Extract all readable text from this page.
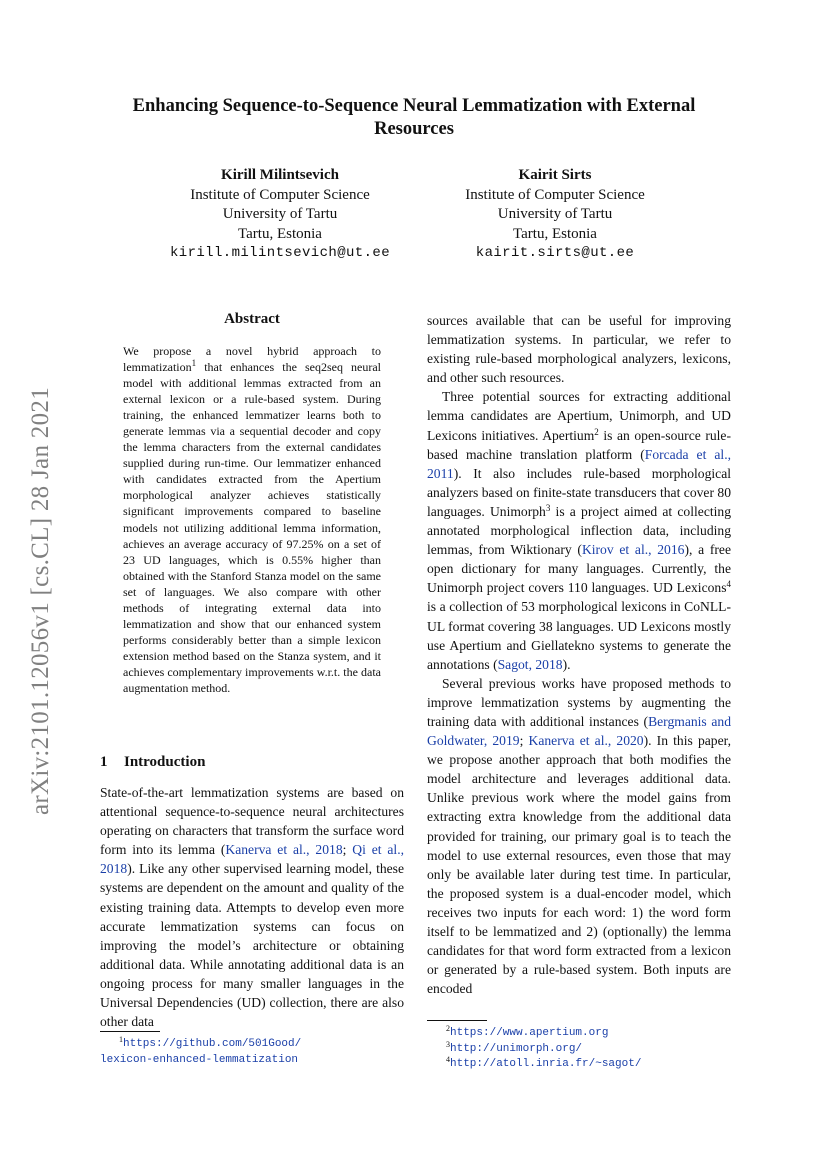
arXiv:2101.12056v1 [cs.CL] 28 Jan 2021
Enhancing Sequence-to-Sequence Neural Lemmatization with External Resources
Kirill Milintsevich
Institute of Computer Science
University of Tartu
Tartu, Estonia
kirill.milintsevich@ut.ee
Kairit Sirts
Institute of Computer Science
University of Tartu
Tartu, Estonia
kairit.sirts@ut.ee
Abstract

We propose a novel hybrid approach to lemmatization$^1$ that enhances the seq2seq neural model with additional lemmas extracted from an external lexicon or a rule-based system. During training, the enhanced lemmatizer learns both to generate lemmas via a sequential decoder and copy the lemma characters from the external candidates supplied during run-time. Our lemmatizer enhanced with candidates extracted from the Apertium morphological analyzer achieves statistically significant improvements compared to baseline models not utilizing additional lemma information, achieves an average accuracy of 97.25% on a set of 23 UD languages, which is 0.55% higher than obtained with the Stanford Stanza model on the same set of languages. We also compare with other methods of integrating external data into lemmatization and show that our enhanced system performs considerably better than a simple lexicon extension method based on the Stanza system, and it achieves complementary improvements w.r.t. the data augmentation method.

1 Introduction

State-of-the-art lemmatization systems are based on attentional sequence-to-sequence neural architectures operating on characters that transform the surface word form into its lemma (Kanerva et al., 2018; Qi et al., 2018). Like any other supervised learning model, these systems are dependent on the amount and quality of the existing training data. Attempts to develop even more accurate lemmatization systems can focus on improving the model’s architecture or obtaining additional data. While annotating additional data is an ongoing process for many smaller languages in the Universal Dependencies (UD) collection, there are also other data

sources available that can be useful for improving lemmatization systems. In particular, we refer to existing rule-based morphological analyzers, lexicons, and other such resources.

Three potential sources for extracting additional lemma candidates are Apertium, Unimorph, and UD Lexicons initiatives. Apertium$^2$ is an open-source rule-based machine translation platform (Forcada et al., 2011). It also includes rule-based morphological analyzers based on finite-state transducers that cover 80 languages. Unimorph$^3$ is a project aimed at collecting annotated morphological inflection data, including lemmas, from Wiktionary (Kirov et al., 2016), a free open dictionary for many languages. Currently, the Unimorph project covers 110 languages. UD Lexicons$^4$ is a collection of 53 morphological lexicons in CoNLL-UL format covering 38 languages. UD Lexicons mostly use Apertium and Giellatekno systems to generate the annotations (Sagot, 2018).

Several previous works have proposed methods to improve lemmatization systems by augmenting the training data with additional instances (Bergmanis and Goldwater, 2019; Kanerva et al., 2020). In this paper, we propose another approach that both modifies the model architecture and leverages additional data. Unlike previous work where the model gains from extracting extra knowledge from the additional data provided for training, our primary goal is to teach the model to use external resources, even those that may only be available later during test time. In particular, the proposed system is a dual-encoder model, which receives two inputs for each word: 1) the word form itself to be lemmatized and 2) (optionally) the lemma candidates for that word form extracted from a lexicon or generated by a rule-based system. Both inputs are encoded

$^1$https://github.com/501Good/
lexicon-enhanced-lemmatization
$^2$https://www.apertium.org
$^3$http://unimorph.org/
$^4$http://atoll.inria.fr/~sagot/
